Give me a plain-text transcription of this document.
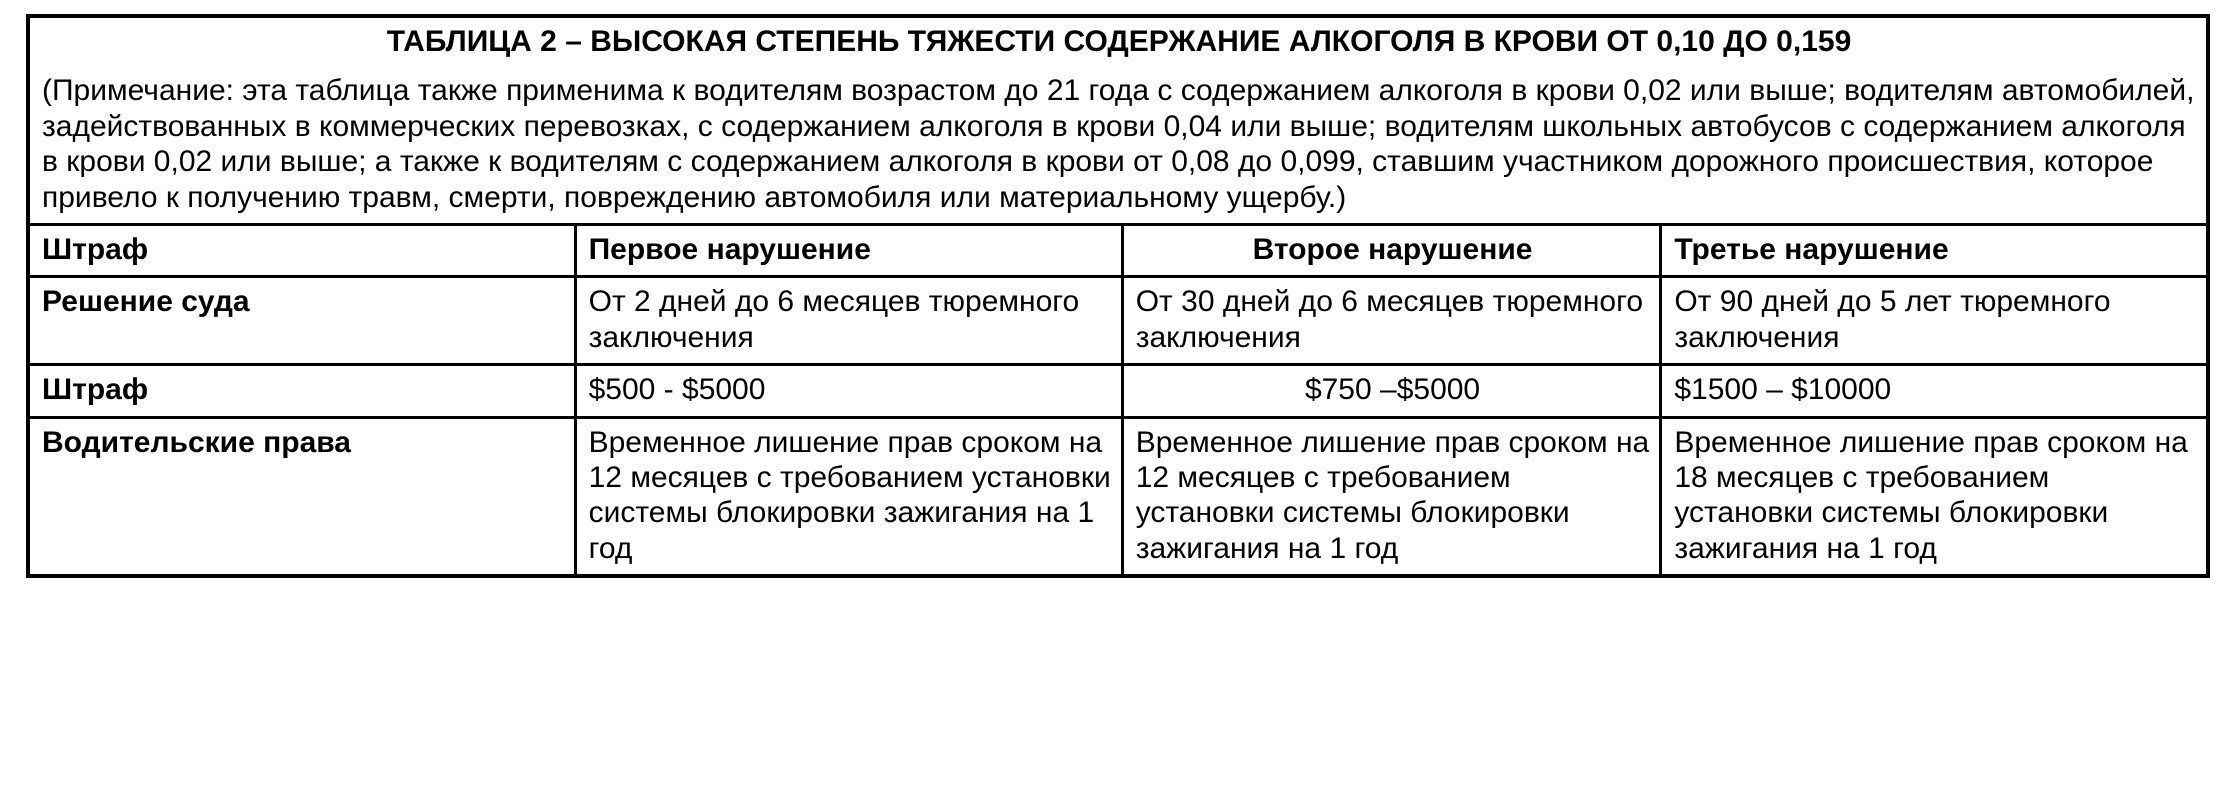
ТАБЛИЦА 2 – ВЫСОКАЯ СТЕПЕНЬ ТЯЖЕСТИ СОДЕРЖАНИЕ АЛКОГОЛЯ В КРОВИ ОТ 0,10 ДО 0,159			
(Примечание: эта таблица также применима к водителям возрастом до 21 года с содержанием алкоголя в крови 0,02 или выше; водителям автомобилей, задействованных в коммерческих перевозках, с содержанием алкоголя в крови 0,04 или выше; водителям школьных автобусов с содержанием алкоголя в крови 0,02 или выше; а также к водителям с содержанием алкоголя в крови от 0,08 до 0,099, ставшим участником дорожного происшествия, которое привело к получению травм, смерти, повреждению автомобиля или материальному ущербу.)			
Штраф	Первое нарушение	Второе нарушение	Третье нарушение
Решение суда	От 2 дней до 6 месяцев тюремного заключения	От 30 дней до 6 месяцев тюремного заключения	От 90 дней до 5 лет тюремного заключения
Штраф	$500 - $5000	$750 –$5000	$1500 – $10000
Водительские права	Временное лишение прав сроком на 12 месяцев с требованием установки системы блокировки зажигания на 1 год	Временное лишение прав сроком на 12 месяцев с требованием установки системы блокировки зажигания на 1 год	Временное лишение прав сроком на 18 месяцев с требованием установки системы блокировки зажигания на 1 год
